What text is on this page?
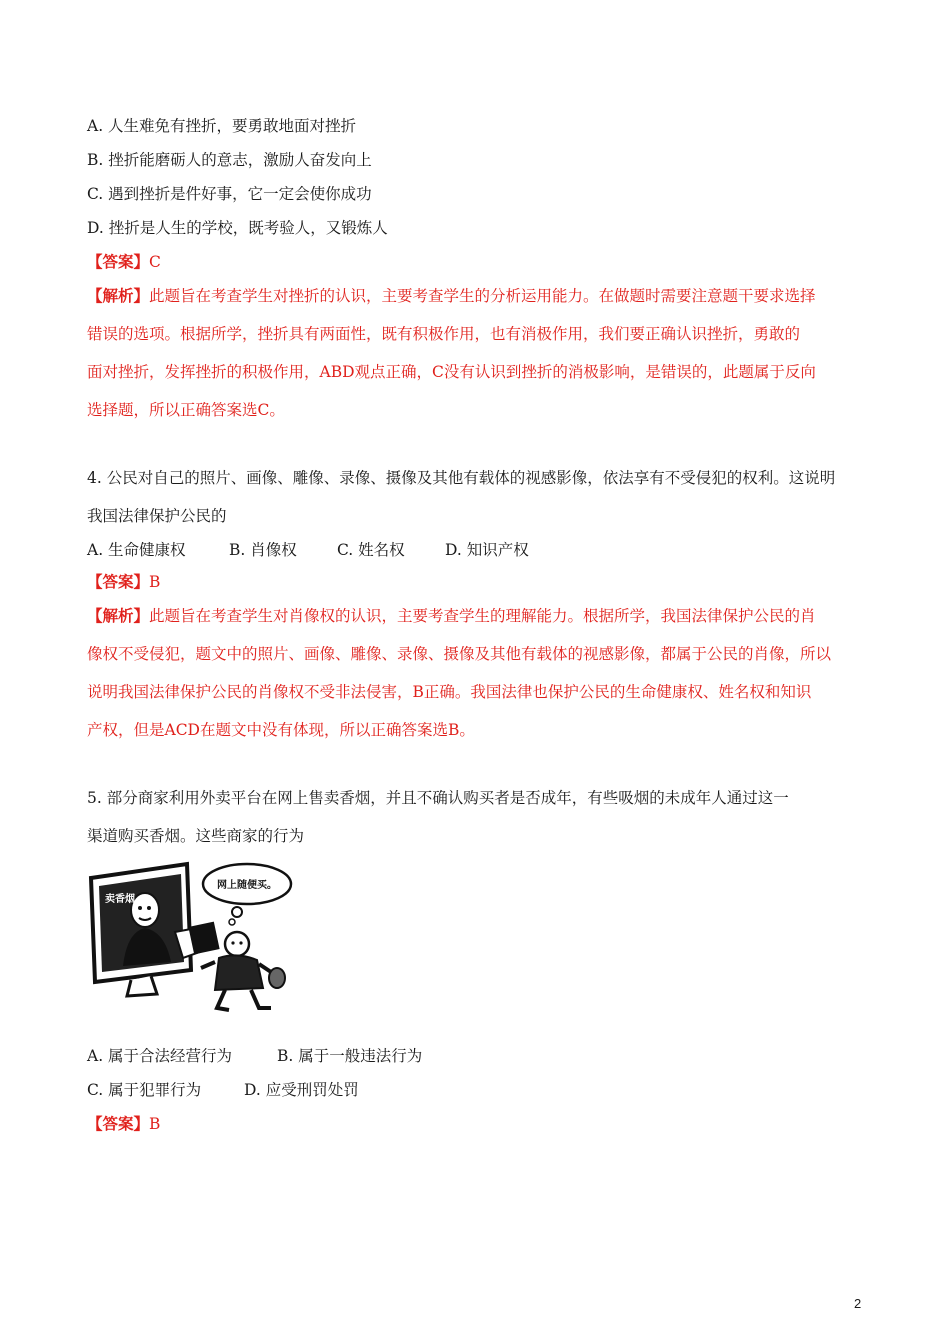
A. 人生难免有挫折，要勇敢地面对挫折
B. 挫折能磨砺人的意志，激励人奋发向上
C. 遇到挫折是件好事，它一定会使你成功
D. 挫折是人生的学校，既考验人，又锻炼人
【答案】C
【解析】此题旨在考查学生对挫折的认识，主要考查学生的分析运用能力。在做题时需要注意题干要求选择
错误的选项。根据所学，挫折具有两面性，既有积极作用，也有消极作用，我们要正确认识挫折，勇敢的
面对挫折，发挥挫折的积极作用，ABD观点正确，C没有认识到挫折的消极影响，是错误的，此题属于反向
选择题，所以正确答案选C。
4. 公民对自己的照片、画像、雕像、录像、摄像及其他有载体的视感影像，依法享有不受侵犯的权利。这说明
我国法律保护公民的
A. 生命健康权	B. 肖像权	C. 姓名权	D. 知识产权
【答案】B
【解析】此题旨在考查学生对肖像权的认识，主要考查学生的理解能力。根据所学，我国法律保护公民的肖
像权不受侵犯，题文中的照片、画像、雕像、录像、摄像及其他有载体的视感影像，都属于公民的肖像，所以
说明我国法律保护公民的肖像权不受非法侵害，B正确。我国法律也保护公民的生命健康权、姓名权和知识
产权，但是ACD在题文中没有体现，所以正确答案选B。
5. 部分商家利用外卖平台在网上售卖香烟，并且不确认购买者是否成年，有些吸烟的未成年人通过这一
渠道购买香烟。这些商家的行为
卖香烟
网上随便买。
A. 属于合法经营行为	B. 属于一般违法行为
C. 属于犯罪行为	D. 应受刑罚处罚
【答案】B
2
